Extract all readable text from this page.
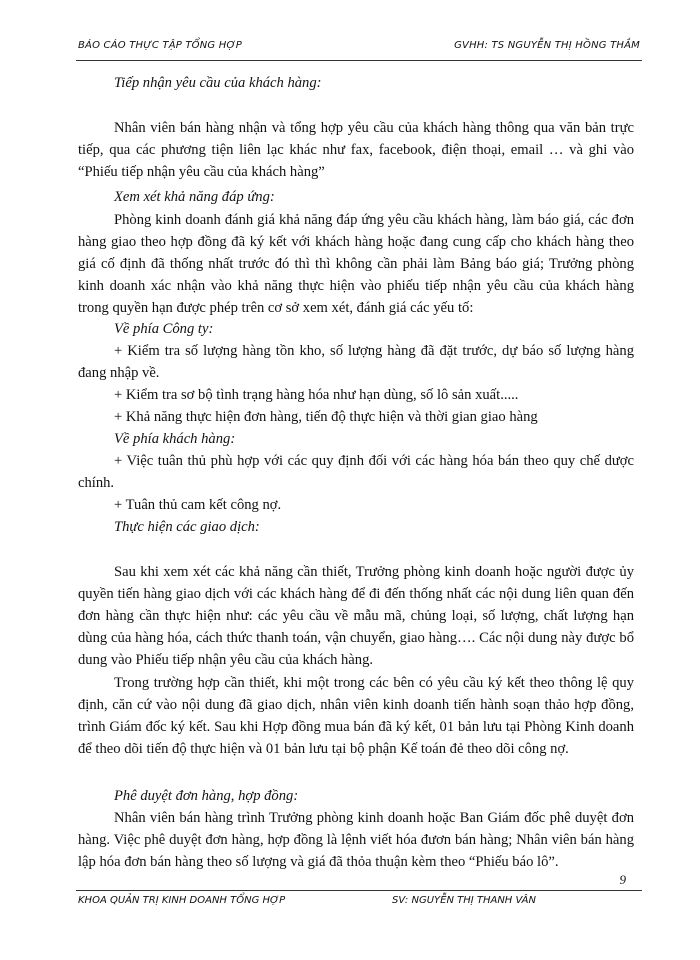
BÁO CÁO THỰC TẬP TỔNG HỢP	GVHH: TS NGUYỄN THỊ HỒNG THẮM
Tiếp nhận yêu cầu của khách hàng:
Nhân viên bán hàng nhận và tổng hợp yêu cầu của khách hàng thông qua văn bản trực tiếp, qua các phương tiện liên lạc khác như fax, facebook, điện thoại, email … và ghi vào “Phiếu tiếp nhận yêu cầu của khách hàng”
Xem xét khả năng đáp ứng:
Phòng kinh doanh đánh giá khả năng đáp ứng yêu cầu khách hàng, làm báo giá, các đơn hàng giao theo hợp đồng đã ký kết với khách hàng hoặc đang cung cấp cho khách hàng theo giá cố định đã thống nhất trước đó thì thì không cần phải làm Bảng báo giá; Trưởng phòng kinh doanh xác nhận vào khả năng thực hiện vào phiếu tiếp nhận yêu cầu của khách hàng trong quyền hạn được phép trên cơ sở xem xét, đánh giá các yếu tố:
Về phía Công ty:
+ Kiểm tra số lượng hàng tồn kho, số lượng hàng đã đặt trước, dự báo số lượng hàng đang nhập về.
+ Kiểm tra sơ bộ tình trạng hàng hóa như hạn dùng, số lô sản xuất.....
+ Khả năng thực hiện đơn hàng, tiến độ thực hiện và thời gian giao hàng
Về phía khách hàng:
+ Việc tuân thủ phù hợp với các quy định đối với các hàng hóa bán theo quy chế dược chính.
+ Tuân thủ cam kết công nợ.
Thực hiện các giao dịch:
Sau khi xem xét các khả năng cần thiết, Trưởng phòng kinh doanh hoặc người được ủy quyền tiến hàng giao dịch với các khách hàng để đi đến thống nhất các nội dung liên quan đến đơn hàng cần thực hiện như: các yêu cầu về mẫu mã, chủng loại, số lượng, chất lượng hạn dùng của hàng hóa, cách thức thanh toán, vận chuyển, giao hàng…. Các nội dung này được bổ dung vào Phiếu tiếp nhận yêu cầu của khách hàng.
Trong trường hợp cần thiết, khi một trong các bên có yêu cầu ký kết theo thông lệ quy định, căn cứ vào nội dung đã giao dịch, nhân viên kinh doanh tiến hành soạn thảo hợp đồng, trình Giám đốc ký kết. Sau khi Hợp đồng mua bán đã ký kết, 01 bản lưu tại Phòng Kinh doanh để theo dõi tiến độ thực hiện và 01 bản lưu tại bộ phận Kế toán đẻ theo dõi công nợ.
Phê duyệt đơn hàng, hợp đồng:
Nhân viên bán hàng trình Trưởng phòng kinh doanh hoặc Ban Giám đốc phê duyệt đơn hàng. Việc phê duyệt đơn hàng, hợp đồng là lệnh viết hóa đươn bán hàng; Nhân viên bán hàng lập hóa đơn bán hàng theo số lượng và giá đã thỏa thuận kèm theo “Phiếu báo lô”.
9
KHOA QUẢN TRỊ KINH DOANH TỔNG HỢP	SV: NGUYỄN THỊ THANH VÂN
